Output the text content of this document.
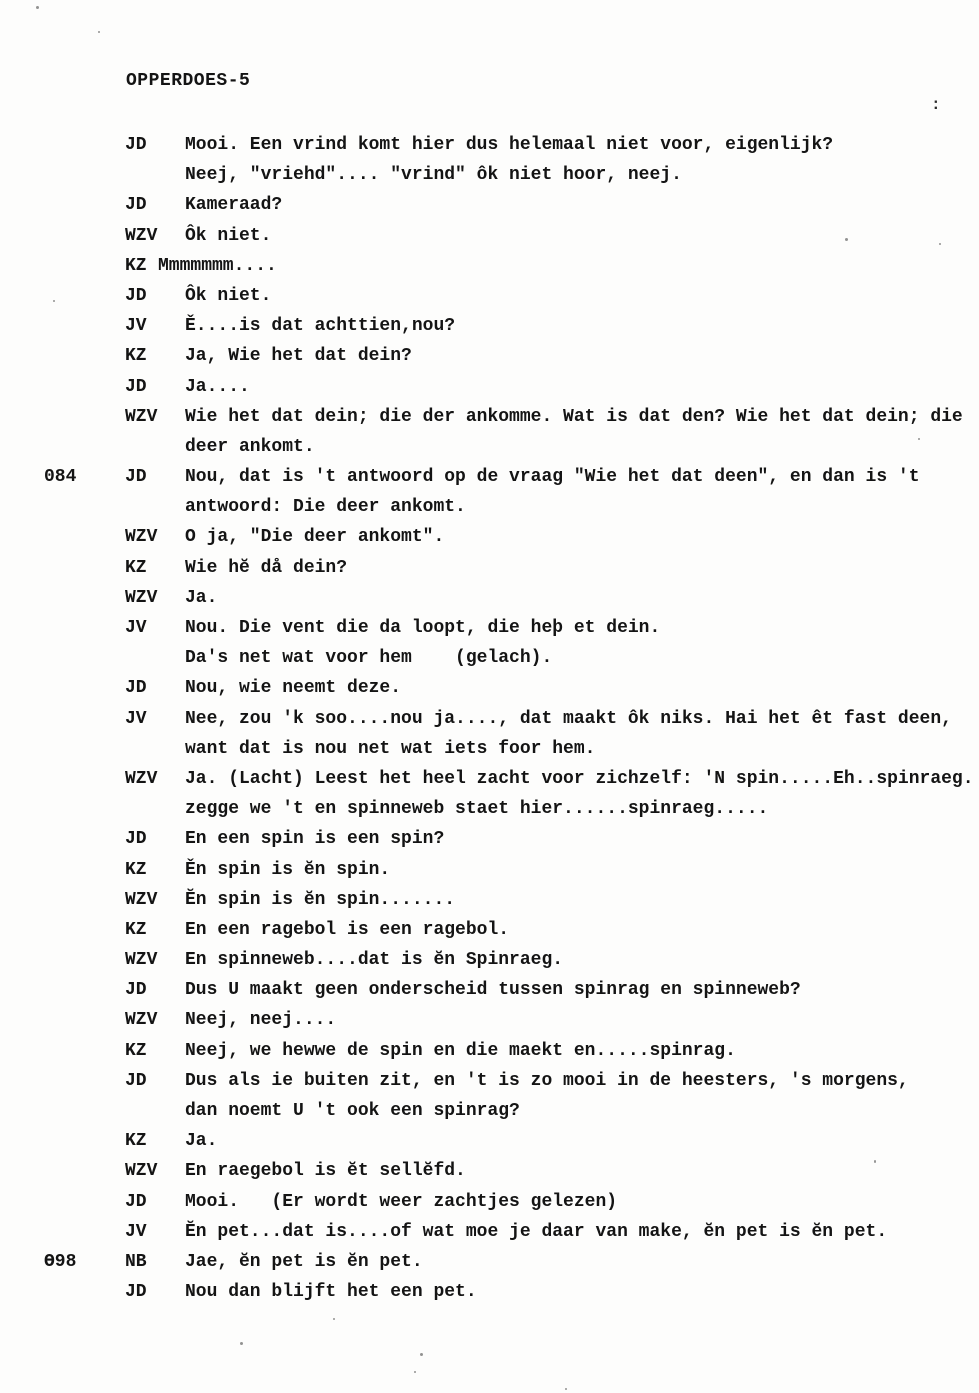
OPPERDOES-5
:
JD	Mooi. Een vrind komt hier dus helemaal niet voor, eigenlijk?
Neej, "vriehd".... "vrind" ôk niet hoor, neej.
JD	Kameraad?
WZV	Ôk niet.
KZ Mmmmmmm....
JD	Ôk niet.
JV	Ě....is dat achttien,nou?
KZ	Ja, Wie het dat dein?
JD	Ja....
WZV	Wie het dat dein; die der ankomme. Wat is dat den? Wie het dat dein; die
deer ankomt.
084	JD	Nou, dat is 't antwoord op de vraag "Wie het dat deen", en dan is 't
antwoord: Die deer ankomt.
WZV	O ja, "Die deer ankomt".
KZ	Wie hĕ då dein?
WZV	Ja.
JV	Nou. Die vent die da loopt, die heþ et dein.
Da's net wat voor hem    (gelach).
JD	Nou, wie neemt deze.
JV	Nee, zou 'k soo....nou ja...., dat maakt ôk niks. Hai het êt fast deen,
want dat is nou net wat iets foor hem.
WZV	Ja. (Lacht) Leest het heel zacht voor zichzelf: 'N spin.....Eh..spinraeg.
zegge we 't en spinneweb staet hier......spinraeg.....
JD	En een spin is een spin?
KZ	Ěn spin is ĕn spin.
WZV	Ĕn spin is ĕn spin.......
KZ	En een ragebol is een ragebol.
WZV	En spinneweb....dat is ĕn Spinraeg.
JD	Dus U maakt geen onderscheid tussen spinrag en spinneweb?
WZV	Neej, neej....
KZ	Neej, we hewwe de spin en die maekt en.....spinrag.
JD	Dus als ie buiten zit, en 't is zo mooi in de heesters, 's morgens,
dan noemt U 't ook een spinrag?
KZ	Ja.
WZV	En raegebol is ĕt sellĕfd.
JD	Mooi.   (Er wordt weer zachtjes gelezen)
JV	Ĕn pet...dat is....of wat moe je daar van make, ĕn pet is ĕn pet.
Ɵ98	NB	Jae, ĕn pet is ĕn pet.
JD	Nou dan blijft het een pet.
